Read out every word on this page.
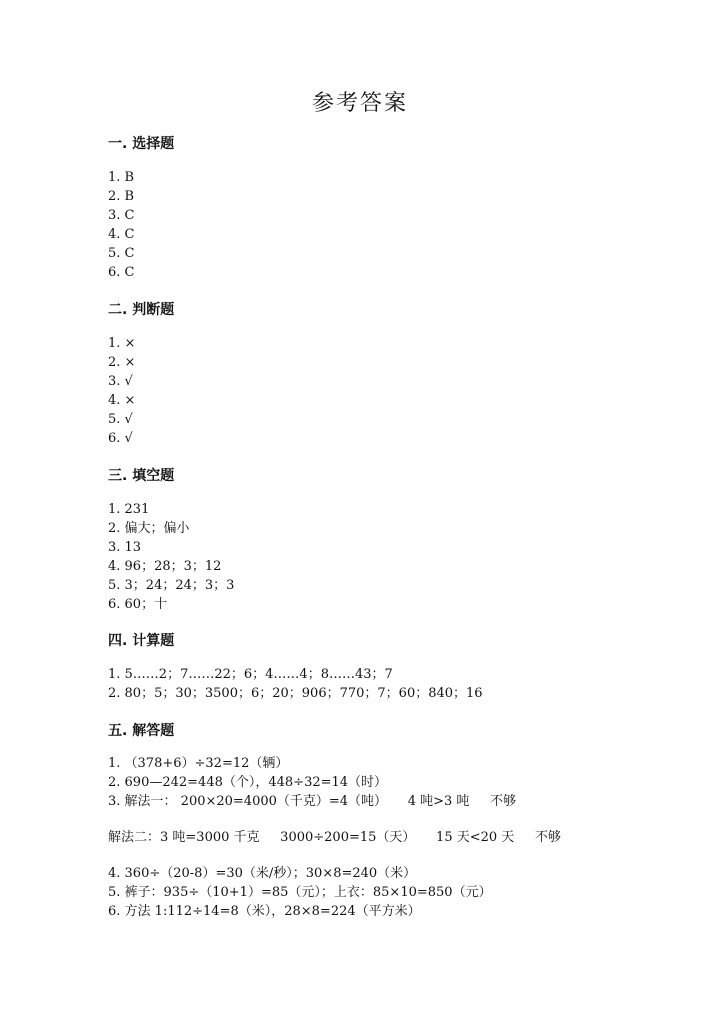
参考答案
一. 选择题
1. B
2. B
3. C
4. C
5. C
6. C
二. 判断题
1. ×
2. ×
3. √
4. ×
5. √
6. √
三. 填空题
1. 231
2. 偏大；偏小
3. 13
4. 96；28；3；12
5. 3；24；24；3；3
6. 60；十
四. 计算题
1. 5……2；7……22；6；4……4；8……43；7
2. 80；5；30；3500；6；20；906；770；7；60；840；16
五. 解答题
1. （378+6）÷32=12（辆）
2. 690—242=448（个），448÷32=14（时）
3. 解法一： 200×20=4000（千克）=4（吨）     4 吨>3 吨     不够
解法二：3 吨=3000 千克     3000÷200=15（天）     15 天<20 天     不够
4. 360÷（20-8）=30（米/秒）；30×8=240（米）
5. 裤子：935÷（10+1）=85（元）；上衣：85×10=850（元）
6. 方法 1:112÷14=8（米），28×8=224（平方米）
